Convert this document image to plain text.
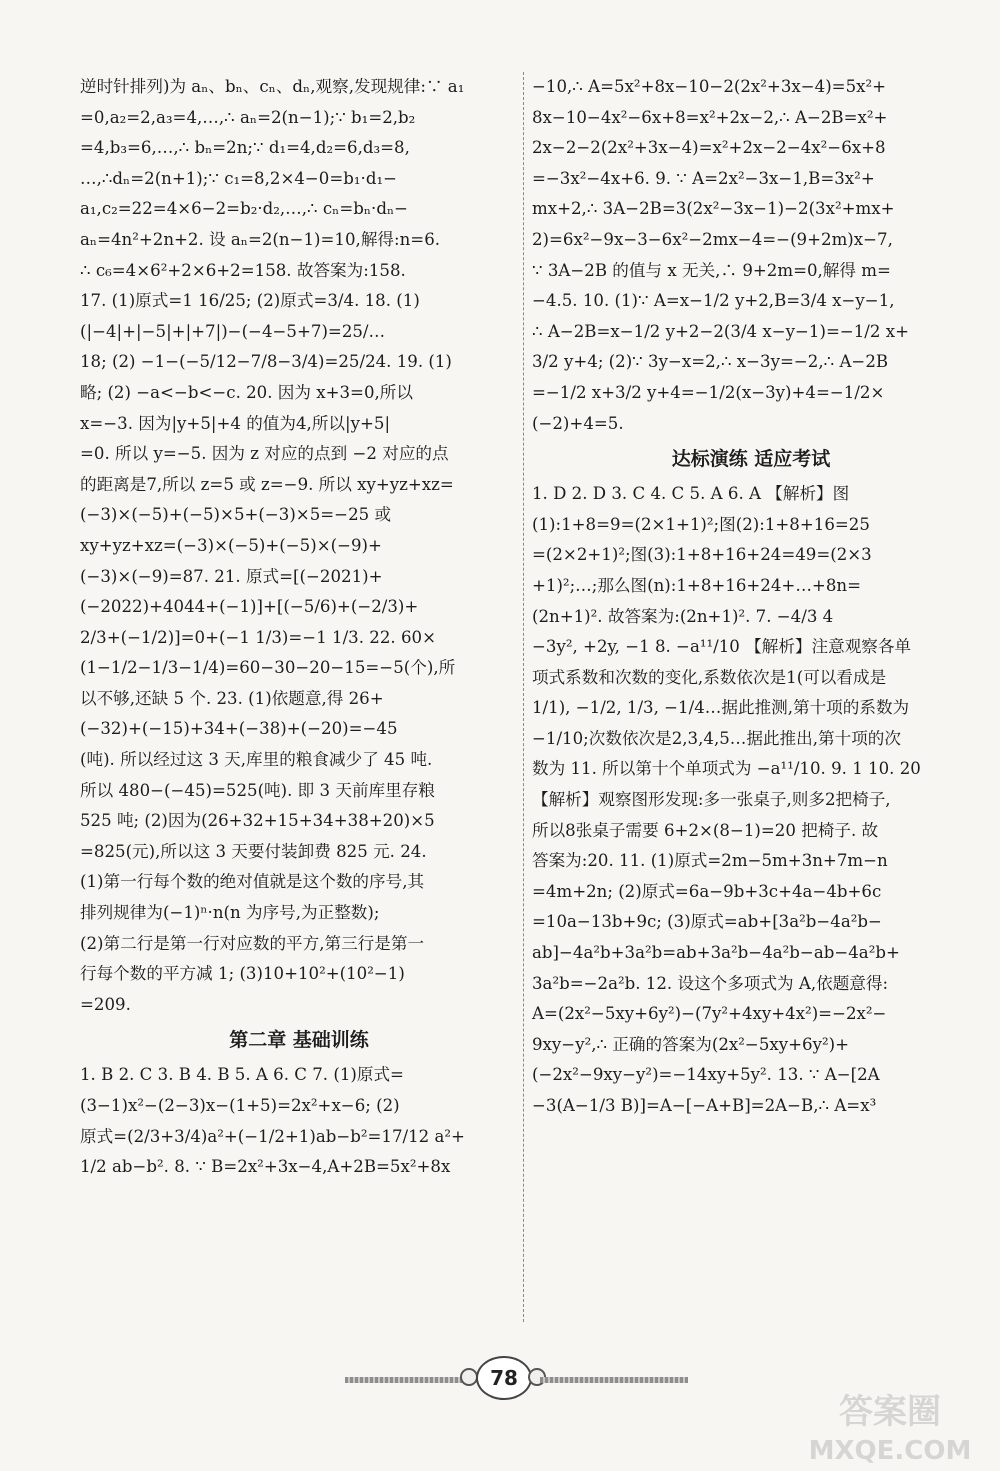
逆时针排列)为 aₙ、bₙ、cₙ、dₙ,观察,发现规律:∵ a₁
=0,a₂=2,a₃=4,…,∴ aₙ=2(n−1);∵ b₁=2,b₂
=4,b₃=6,…,∴ bₙ=2n;∵ d₁=4,d₂=6,d₃=8,
…,∴dₙ=2(n+1);∵ c₁=8,2×4−0=b₁·d₁−
a₁,c₂=22=4×6−2=b₂·d₂,…,∴ cₙ=bₙ·dₙ−
aₙ=4n²+2n+2. 设 aₙ=2(n−1)=10,解得:n=6.
∴ c₆=4×6²+2×6+2=158. 故答案为:158.
17. (1)原式=1 16/25; (2)原式=3/4. 18. (1)
(|−4|+|−5|+|+7|)−(−4−5+7)=25/…
18; (2) −1−(−5/12−7/8−3/4)=25/24. 19. (1)
略; (2) −a<−b<−c. 20. 因为 x+3=0,所以
x=−3. 因为|y+5|+4 的值为4,所以|y+5|
=0. 所以 y=−5. 因为 z 对应的点到 −2 对应的点
的距离是7,所以 z=5 或 z=−9. 所以 xy+yz+xz=
(−3)×(−5)+(−5)×5+(−3)×5=−25 或
xy+yz+xz=(−3)×(−5)+(−5)×(−9)+
(−3)×(−9)=87. 21. 原式=[(−2021)+
(−2022)+4044+(−1)]+[(−5/6)+(−2/3)+
2/3+(−1/2)]=0+(−1 1/3)=−1 1/3. 22. 60×
(1−1/2−1/3−1/4)=60−30−20−15=−5(个),所
以不够,还缺 5 个. 23. (1)依题意,得 26+
(−32)+(−15)+34+(−38)+(−20)=−45
(吨). 所以经过这 3 天,库里的粮食减少了 45 吨.
所以 480−(−45)=525(吨). 即 3 天前库里存粮
525 吨; (2)因为(26+32+15+34+38+20)×5
=825(元),所以这 3 天要付装卸费 825 元. 24.
(1)第一行每个数的绝对值就是这个数的序号,其
排列规律为(−1)ⁿ·n(n 为序号,为正整数);
(2)第二行是第一行对应数的平方,第三行是第一
行每个数的平方减 1; (3)10+10²+(10²−1)
=209.
第二章 基础训练
1. B 2. C 3. B 4. B 5. A 6. C 7. (1)原式=
(3−1)x²−(2−3)x−(1+5)=2x²+x−6; (2)
原式=(2/3+3/4)a²+(−1/2+1)ab−b²=17/12 a²+
1/2 ab−b². 8. ∵ B=2x²+3x−4,A+2B=5x²+8x
−10,∴ A=5x²+8x−10−2(2x²+3x−4)=5x²+
8x−10−4x²−6x+8=x²+2x−2,∴ A−2B=x²+
2x−2−2(2x²+3x−4)=x²+2x−2−4x²−6x+8
=−3x²−4x+6. 9. ∵ A=2x²−3x−1,B=3x²+
mx+2,∴ 3A−2B=3(2x²−3x−1)−2(3x²+mx+
2)=6x²−9x−3−6x²−2mx−4=−(9+2m)x−7,
∵ 3A−2B 的值与 x 无关,∴ 9+2m=0,解得 m=
−4.5. 10. (1)∵ A=x−1/2 y+2,B=3/4 x−y−1,
∴ A−2B=x−1/2 y+2−2(3/4 x−y−1)=−1/2 x+
3/2 y+4; (2)∵ 3y−x=2,∴ x−3y=−2,∴ A−2B
=−1/2 x+3/2 y+4=−1/2(x−3y)+4=−1/2×
(−2)+4=5.
达标演练 适应考试
1. D 2. D 3. C 4. C 5. A 6. A 【解析】图
(1):1+8=9=(2×1+1)²;图(2):1+8+16=25
=(2×2+1)²;图(3):1+8+16+24=49=(2×3
+1)²;…;那么图(n):1+8+16+24+…+8n=
(2n+1)². 故答案为:(2n+1)². 7. −4/3 4
−3y², +2y, −1 8. −a¹¹/10 【解析】注意观察各单
项式系数和次数的变化,系数依次是1(可以看成是
1/1), −1/2, 1/3, −1/4…据此推测,第十项的系数为
−1/10;次数依次是2,3,4,5…据此推出,第十项的次
数为 11. 所以第十个单项式为 −a¹¹/10. 9. 1 10. 20
【解析】观察图形发现:多一张桌子,则多2把椅子,
所以8张桌子需要 6+2×(8−1)=20 把椅子. 故
答案为:20. 11. (1)原式=2m−5m+3n+7m−n
=4m+2n; (2)原式=6a−9b+3c+4a−4b+6c
=10a−13b+9c; (3)原式=ab+[3a²b−4a²b−
ab]−4a²b+3a²b=ab+3a²b−4a²b−ab−4a²b+
3a²b=−2a²b. 12. 设这个多项式为 A,依题意得:
A=(2x²−5xy+6y²)−(7y²+4xy+4x²)=−2x²−
9xy−y²,∴ 正确的答案为(2x²−5xy+6y²)+
(−2x²−9xy−y²)=−14xy+5y². 13. ∵ A−[2A
−3(A−1/3 B)]=A−[−A+B]=2A−B,∴ A=x³
78
答案圈
MXQE.COM
